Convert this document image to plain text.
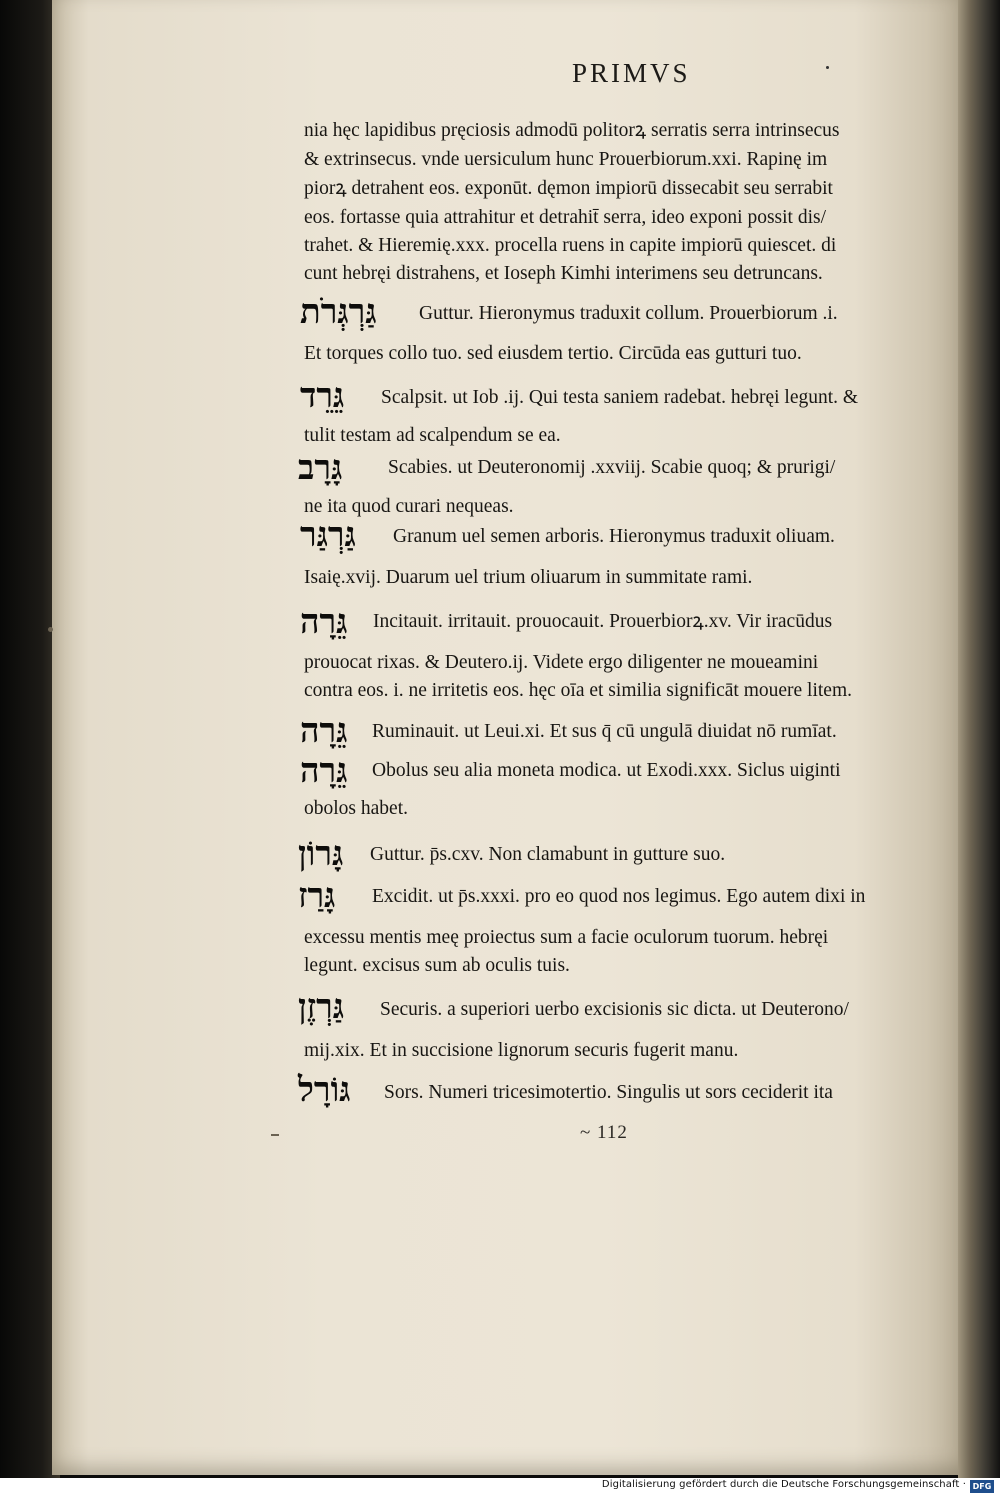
PRIMVS
nia hęc lapidibus pręciosis admodū politorꝝ serratis serra intrinsecus
& extrinsecus. vnde uersiculum hunc Prouerbiorum.xxi. Rapinę im
piorꝝ detrahent eos. exponūt. dęmon impiorū dissecabit seu serrabit
eos. fortasse quia attrahitur et detrahit̄ serra, ideo exponi possit dis/
trahet. & Hieremię.xxx. procella ruens in capite impiorū quiescet. di
cunt hebręi distrahens, et Ioseph Kimhi interimens seu detruncans.
גַּרְגְּרֹת Guttur. Hieronymus traduxit collum. Prouerbiorum .i.
Et torques collo tuo. sed eiusdem tertio. Circūda eas gutturi tuo.
גֵּרֵד Scalpsit. ut Iob .ij. Qui testa saniem radebat. hebręi legunt. &
tulit testam ad scalpendum se ea.
גָּרָב Scabies. ut Deuteronomij .xxviij. Scabie quoq; & prurigi/
ne ita quod curari nequeas.
גַּרְגַּר Granum uel semen arboris. Hieronymus traduxit oliuam.
Isaię.xvij. Duarum uel trium oliuarum in summitate rami.
גֵּרָה Incitauit. irritauit. prouocauit. Prouerbiorꝝ.xv. Vir iracūdus
prouocat rixas. & Deutero.ij. Videte ergo diligenter ne moueamini
contra eos. i. ne irritetis eos. hęc oīa et similia significāt mouere litem.
גֵּרָה Ruminauit. ut Leui.xi. Et sus q̄ cū ungulā diuidat nō rumīat.
גֵּרָה Obolus seu alia moneta modica. ut Exodi.xxx. Siclus uiginti
obolos habet.
גָּרוֹן Guttur. p̄s.cxv. Non clamabunt in gutture suo.
גָּרַז Excidit. ut p̄s.xxxi. pro eo quod nos legimus. Ego autem dixi in
excessu mentis meę proiectus sum a facie oculorum tuorum. hebręi
legunt. excisus sum ab oculis tuis.
גַּרְזֶן Securis. a superiori uerbo excisionis sic dicta. ut Deuterono/
mij.xix. Et in succisione lignorum securis fugerit manu.
גּוֹרָל Sors. Numeri tricesimotertio. Singulis ut sors ceciderit ita
~ 112
Digitalisierung gefördert durch die Deutsche Forschungsgemeinschaft · DFG
